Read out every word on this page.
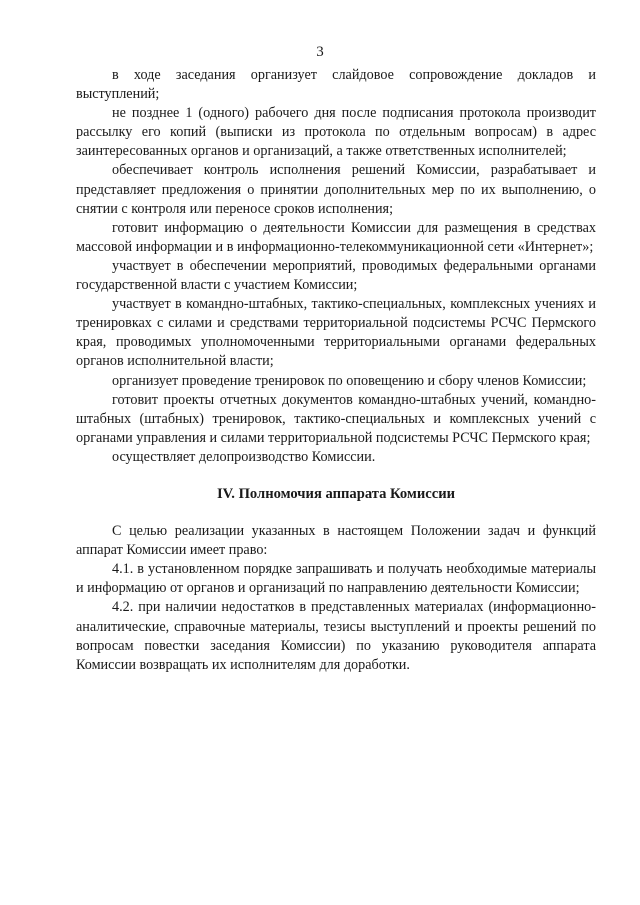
3

в ходе заседания организует слайдовое сопровождение докладов и выступлений;

не позднее 1 (одного) рабочего дня после подписания протокола производит рассылку его копий (выписки из протокола по отдельным вопросам) в адрес заинтересованных органов и организаций, а также ответственных исполнителей;

обеспечивает контроль исполнения решений Комиссии, разрабатывает и представляет предложения о принятии дополнительных мер по их выполнению, о снятии с контроля или переносе сроков исполнения;

готовит информацию о деятельности Комиссии для размещения в средствах массовой информации и в информационно-телекоммуникационной сети «Интернет»;

участвует в обеспечении мероприятий, проводимых федеральными органами государственной власти с участием Комиссии;

участвует в командно-штабных, тактико-специальных, комплексных учениях и тренировках с силами и средствами территориальной подсистемы РСЧС Пермского края, проводимых уполномоченными территориальными органами федеральных органов исполнительной власти;

организует проведение тренировок по оповещению и сбору членов Комиссии;

готовит проекты отчетных документов командно-штабных учений, командно-штабных (штабных) тренировок, тактико-специальных и комплексных учений с органами управления и силами территориальной подсистемы РСЧС Пермского края;

осуществляет делопроизводство Комиссии.

IV. Полномочия аппарата Комиссии

С целью реализации указанных в настоящем Положении задач и функций аппарат Комиссии имеет право:

4.1. в установленном порядке запрашивать и получать необходимые материалы и информацию от органов и организаций по направлению деятельности Комиссии;

4.2. при наличии недостатков в представленных материалах (информационно-аналитические, справочные материалы, тезисы выступлений и проекты решений по вопросам повестки заседания Комиссии) по указанию руководителя аппарата Комиссии возвращать их исполнителям для доработки.
